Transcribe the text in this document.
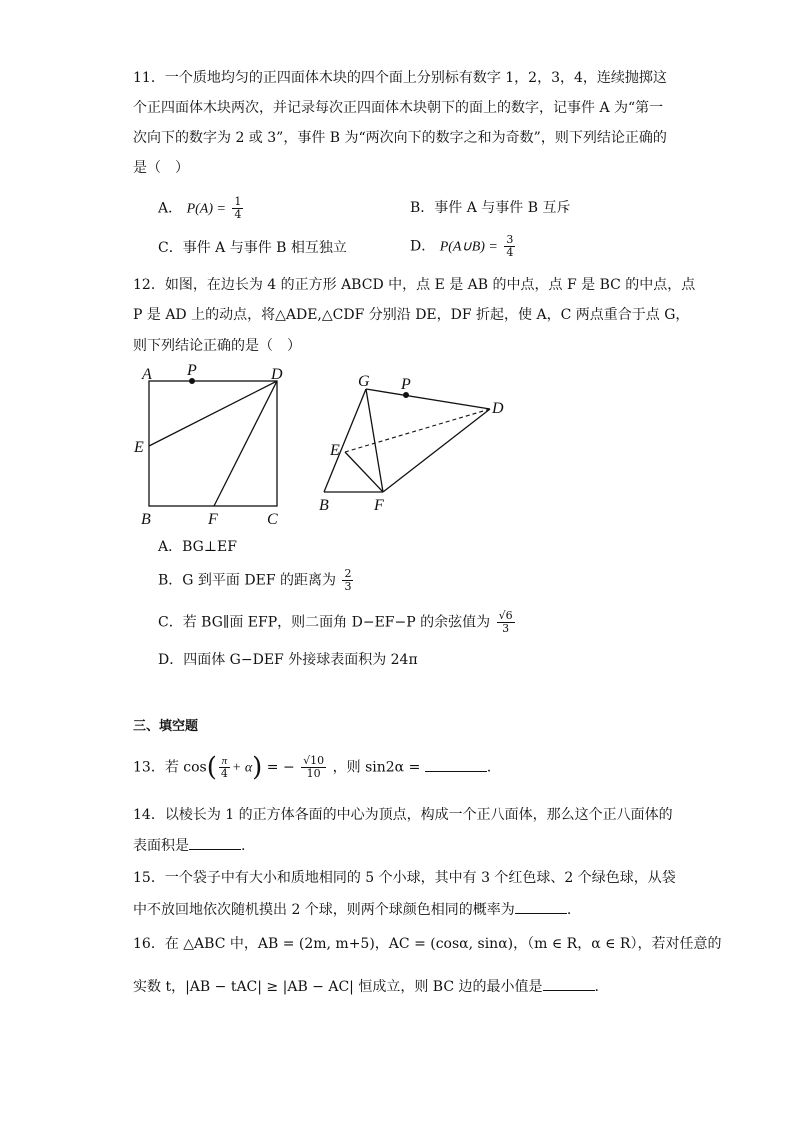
11．一个质地均匀的正四面体木块的四个面上分别标有数字 1，2，3，4，连续抛掷这
个正四面体木块两次，并记录每次正四面体木块朝下的面上的数字，记事件 A 为“第一
次向下的数字为 2 或 3”，事件 B 为“两次向下的数字之和为奇数”，则下列结论正确的
是（　）
A． $P(A) = \frac{1}{4}$	B．事件 A 与事件 B 互斥
C．事件 A 与事件 B 相互独立	D． P(A∪B) = $\frac{3}{4}$
12．如图，在边长为 4 的正方形 ABCD 中，点 E 是 AB 的中点，点 F 是 BC 的中点，点
P 是 AD 上的动点，将△ADE,△CDF 分别沿 DE，DF 折起，使 A，C 两点重合于点 G，
则下列结论正确的是（　）
A P	D
E
B	F	C
G P
D
E
B	F
A．BG⊥EF
B．G 到平面 DEF 的距离为 $\frac{2}{3}$
C．若 BG∥面 EFP，则二面角 D−EF−P 的余弦值为 $\frac{√6}{3}$
D．四面体 G−DEF 外接球表面积为 24π
三、填空题
13．若 $\cos( \frac{\pi}{4} + \alpha)$ = − $\frac{√10}{10}$ ，则 sin2α =	.
14．以棱长为 1 的正方体各面的中心为顶点，构成一个正八面体，那么这个正八面体的
表面积是	.
15．一个袋子中有大小和质地相同的 5 个小球，其中有 3 个红色球、2 个绿色球，从袋
中不放回地依次随机摸出 2 个球，则两个球颜色相同的概率为	.
16．在 △ABC 中，AB = (2m, m+5)，AC = (cosα, sinα)，（m ∈ R，α ∈ R），若对任意的
实数 t，|AB − tAC| ≥ |AB − AC| 恒成立，则 BC 边的最小值是	.
